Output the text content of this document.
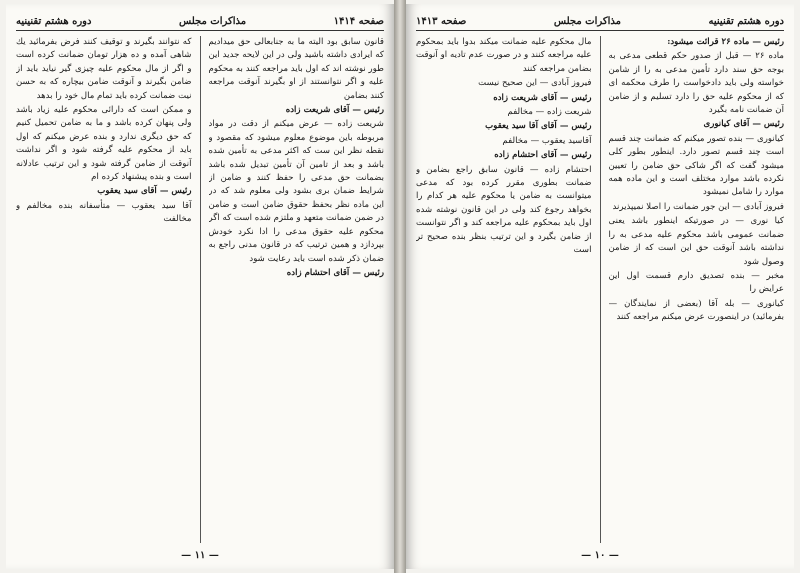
صفحه ۱۴۱۴
مذاكرات مجلس
دوره هشتم تقنينيه

قانون سابق بود الیته ما به جنابعالی حق میدادیم که ایرادی داشته باشید ولی در این لایحه جدید این طور نوشته اند که اول باید مراجعه کنند به محکوم علیه و اگر نتوانستند از او بگیرند آنوقت مراجعه کنند بضامن

رئیس — آقای شریعت زاده

شریعت زاده — عرض میکنم از دقت در مواد مربوطه باین موضوع معلوم میشود که مقصود و نقطه نظر این ست که اکثر مدعی به تأمین شده باشد و بعد از تامین آن تأمین تبدیل شده باشد بضمانت حق مدعی را حفظ کنند و ضامن از شرایط ضمان بری بشود ولی معلوم شد که در این ماده نظر بحفظ حقوق ضامن است و ضامن در ضمن ضمانت متعهد و ملتزم شده است که اگر محکوم علیه حقوق مدعی را ادا نکرد خودش بپردازد و همین ترتیب که در قانون مدنی راجع به ضمان ذکر شده است باید رعایت شود

رئیس — آقای احتشام زاده

که نتوانند بگیرند و توقیف کنند فرض بفرمائید یك شاهی آمده و ده هزار تومان ضمانت کرده است و اگر از مال محکوم علیه چیزی گیر نیاید باید از ضامن بگیرند و آنوقت ضامن بیچاره که به حسن نیت ضمانت کرده باید تمام مال خود را بدهد

و ممکن است که دارائی محکوم علیه زیاد باشد ولی پنهان کرده باشد و ما به ضامن تحمیل کنیم که حق دیگری ندارد و بنده عرض میکنم که اول باید از محکوم علیه گرفته شود و اگر نداشت آنوقت از ضامن گرفته شود و این ترتیب عادلانه است و بنده پیشنهاد کرده ام

رئیس — آقای سید یعقوب

آقا سید یعقوب — متأسفانه بنده مخالفم و مخالفت

— ۱۱ —
دوره هشتم تقنينيه
مذاكرات مجلس
صفحه ۱۴۱۳

رئیس — ماده ۲۶ قرائت میشود:

ماده ۲۶ — قبل از صدور حکم قطعی مدعی به بوجه حق سند دارد تأمین مدعی به را از شامن خواسته ولی باید دادخواست را طرف محکمه ای که از محکوم علیه حق را دارد تسلیم و از ضامن آن ضمانت نامه بگیرد

رئیس — آقای کیانوری

کیانوری — بنده تصور میکنم که ضمانت چند قسم است چند قسم تصور دارد. اینطور بطور کلی میشود گفت که اگر شاکی حق ضامن را تعیین نکرده باشد موارد مختلف است و این ماده همه موارد را شامل نمیشود

فیروز آبادی — این جور ضمانت را اصلا نمیپذیرند

کیا نوری — در صورتیکه اینطور باشد یعنی ضمانت عمومی باشد محکوم علیه مدعی به را نداشته باشد آنوقت حق این است که از ضامن وصول شود

مخبر — بنده تصدیق دارم قسمت اول این عرایض را

کیانوری — بله آقا (بعضی از نمایندگان — بفرمائید) در اینصورت عرض میکنم مراجعه کنند

مال محکوم علیه ضمانت میکند بدوا باید بمحکوم علیه مراجعه کنند و در صورت عدم تادیه او آنوقت بضامن مراجعه کنند

فیروز آبادی — این صحیح نیست

رئیس — آقای شریعت زاده

شریعت زاده — مخالفم

رئیس — آقای آقا سید یعقوب

آقاسید یعقوب — مخالفم

رئیس — آقای احتشام زاده

احتشام زاده — قانون سابق راجع بضامن و ضمانت بطوری مقرر کرده بود که مدعی میتوانست به ضامن یا محکوم علیه هر کدام را بخواهد رجوع کند ولی در این قانون نوشته شده اول باید بمحکوم علیه مراجعه کند و اگر نتوانست از ضامن بگیرد و این ترتیب بنظر بنده صحیح تر است

— ۱۰ —
